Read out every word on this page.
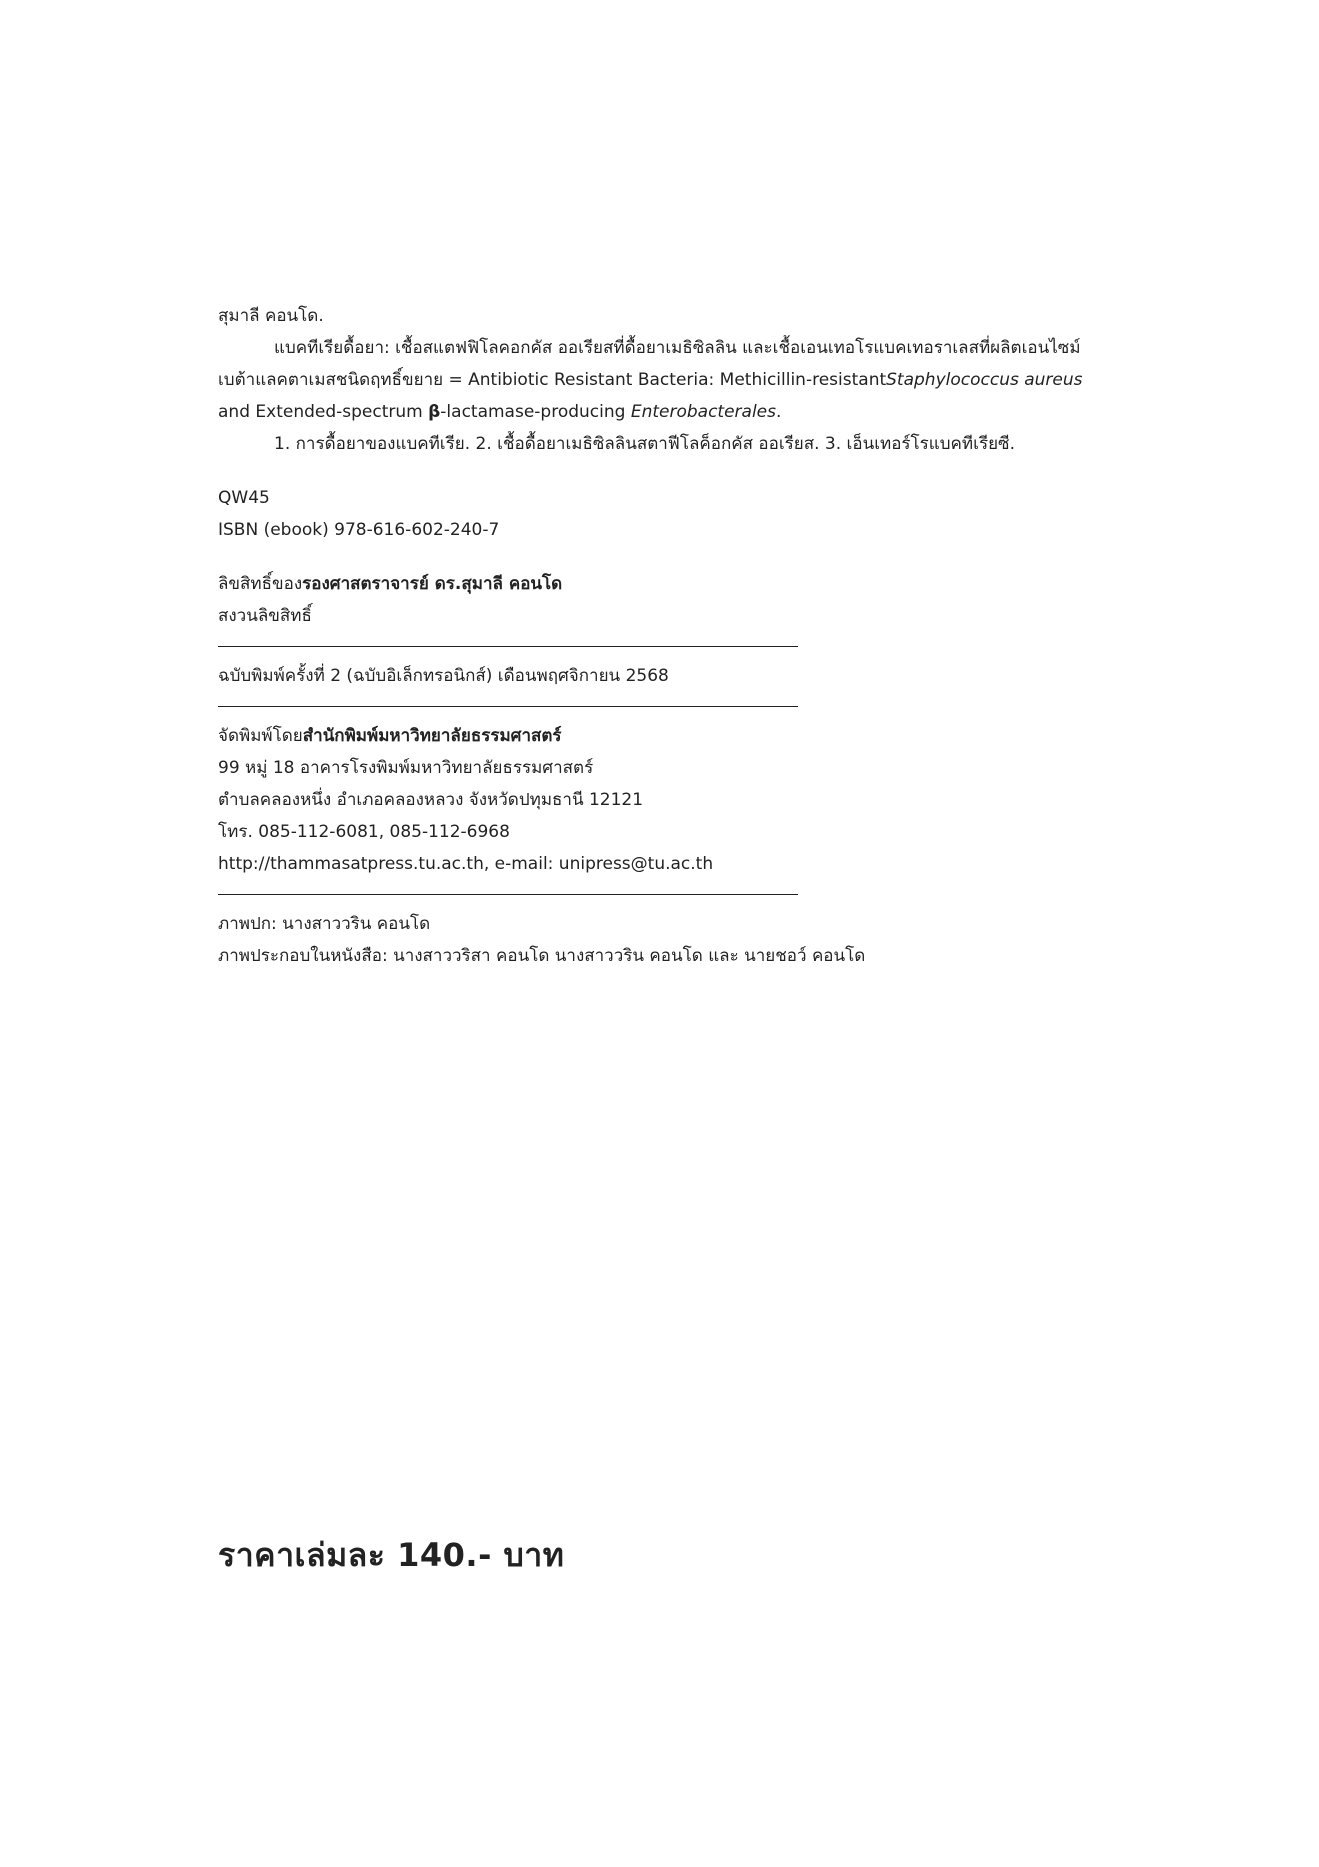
สุมาลี คอนโด.
แบคทีเรียดื้อยา: เชื้อสแตฟฟิโลคอกคัส ออเรียสที่ดื้อยาเมธิซิลลิน และเชื้อเอนเทอโรแบคเทอราเลสที่ผลิตเอนไซม์
เบต้าแลคตาเมสชนิดฤทธิ์ขยาย = Antibiotic Resistant Bacteria: Methicillin-resistant Staphylococcus aureus
and Extended-spectrum β-lactamase-producing Enterobacterales.
1. การดื้อยาของแบคทีเรีย. 2. เชื้อดื้อยาเมธิซิลลินสตาฟีโลค็อกคัส ออเรียส. 3. เอ็นเทอร์โรแบคทีเรียซี.
QW45
ISBN (ebook) 978-616-602-240-7
ลิขสิทธิ์ของรองศาสตราจารย์ ดร.สุมาลี คอนโด
สงวนลิขสิทธิ์
ฉบับพิมพ์ครั้งที่ 2 (ฉบับอิเล็กทรอนิกส์) เดือนพฤศจิกายน 2568
จัดพิมพ์โดยสำนักพิมพ์มหาวิทยาลัยธรรมศาสตร์
99 หมู่ 18 อาคารโรงพิมพ์มหาวิทยาลัยธรรมศาสตร์
ตำบลคลองหนึ่ง อำเภอคลองหลวง จังหวัดปทุมธานี 12121
โทร. 085-112-6081, 085-112-6968
http://thammasatpress.tu.ac.th, e-mail: unipress@tu.ac.th
ภาพปก: นางสาววริน คอนโด
ภาพประกอบในหนังสือ: นางสาววริสา คอนโด นางสาววริน คอนโด และ นายชอว์ คอนโด
ราคาเล่มละ 140.- บาท
